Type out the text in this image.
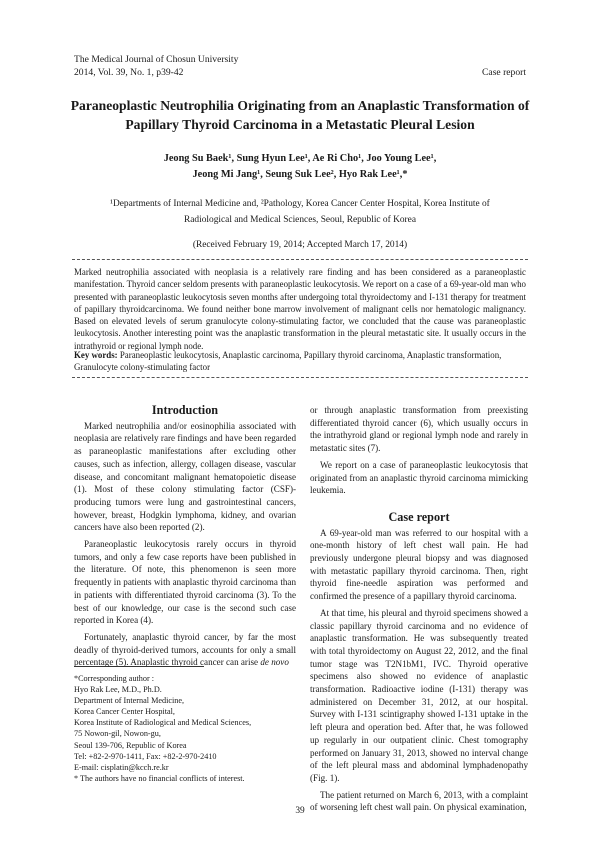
The Medical Journal of Chosun University
2014, Vol. 39, No. 1, p39-42	Case report
Paraneoplastic Neutrophilia Originating from an Anaplastic Transformation of Papillary Thyroid Carcinoma in a Metastatic Pleural Lesion
Jeong Su Baek¹, Sung Hyun Lee¹, Ae Ri Cho¹, Joo Young Lee¹,
Jeong Mi Jang¹, Seung Suk Lee², Hyo Rak Lee¹,*
¹Departments of Internal Medicine and, ²Pathology, Korea Cancer Center Hospital, Korea Institute of
Radiological and Medical Sciences, Seoul, Republic of Korea
(Received February 19, 2014; Accepted March 17, 2014)
Marked neutrophilia associated with neoplasia is a relatively rare finding and has been considered as a paraneoplastic manifestation. Thyroid cancer seldom presents with paraneoplastic leukocytosis. We report on a case of a 69-year-old man who presented with paraneoplastic leukocytosis seven months after undergoing total thyroidectomy and I-131 therapy for treatment of papillary thyroidcarcinoma. We found neither bone marrow involvement of malignant cells nor hematologic malignancy. Based on elevated levels of serum granulocyte colony-stimulating factor, we concluded that the cause was paraneoplastic leukocytosis. Another interesting point was the anaplastic transformation in the pleural metastatic site. It usually occurs in the intrathyroid or regional lymph node.
Key words: Paraneoplastic leukocytosis, Anaplastic carcinoma, Papillary thyroid carcinoma, Anaplastic transformation, Granulocyte colony-stimulating factor
Introduction

Marked neutrophilia and/or eosinophilia associated with neoplasia are relatively rare findings and have been regarded as paraneoplastic manifestations after excluding other causes, such as infection, allergy, collagen disease, vascular disease, and concomitant malignant hematopoietic disease (1). Most of these colony stimulating factor (CSF)-producing tumors were lung and gastrointestinal cancers, however, breast, Hodgkin lymphoma, kidney, and ovarian cancers have also been reported (2).

Paraneoplastic leukocytosis rarely occurs in thyroid tumors, and only a few case reports have been published in the literature. Of note, this phenomenon is seen more frequently in patients with anaplastic thyroid carcinoma than in patients with differentiated thyroid carcinoma (3). To the best of our knowledge, our case is the second such case reported in Korea (4).

Fortunately, anaplastic thyroid cancer, by far the most deadly of thyroid-derived tumors, accounts for only a small percentage (5). Anaplastic thyroid cancer can arise de novo

*Corresponding author :
Hyo Rak Lee, M.D., Ph.D.
Department of Internal Medicine,
Korea Cancer Center Hospital,
Korea Institute of Radiological and Medical Sciences,
75 Nowon-gil, Nowon-gu,
Seoul 139-706, Republic of Korea
Tel: +82-2-970-1411, Fax: +82-2-970-2410
E-mail: cisplatin@kcch.re.kr
* The authors have no financial conflicts of interest.

or through anaplastic transformation from preexisting differentiated thyroid cancer (6), which usually occurs in the intrathyroid gland or regional lymph node and rarely in metastatic sites (7).

We report on a case of paraneoplastic leukocytosis that originated from an anaplastic thyroid carcinoma mimicking leukemia.

Case report

A 69-year-old man was referred to our hospital with a one-month history of left chest wall pain. He had previously undergone pleural biopsy and was diagnosed with metastatic papillary thyroid carcinoma. Then, right thyroid fine-needle aspiration was performed and confirmed the presence of a papillary thyroid carcinoma.

At that time, his pleural and thyroid specimens showed a classic papillary thyroid carcinoma and no evidence of anaplastic transformation. He was subsequently treated with total thyroidectomy on August 22, 2012, and the final tumor stage was T2N1bM1, IVC. Thyroid operative specimens also showed no evidence of anaplastic transformation. Radioactive iodine (I-131) therapy was administered on December 31, 2012, at our hospital. Survey with I-131 scintigraphy showed I-131 uptake in the left pleura and operation bed. After that, he was followed up regularly in our outpatient clinic. Chest tomography performed on January 31, 2013, showed no interval change of the left pleural mass and abdominal lymphadenopathy (Fig. 1).

The patient returned on March 6, 2013, with a complaint of worsening left chest wall pain. On physical examination,

39
